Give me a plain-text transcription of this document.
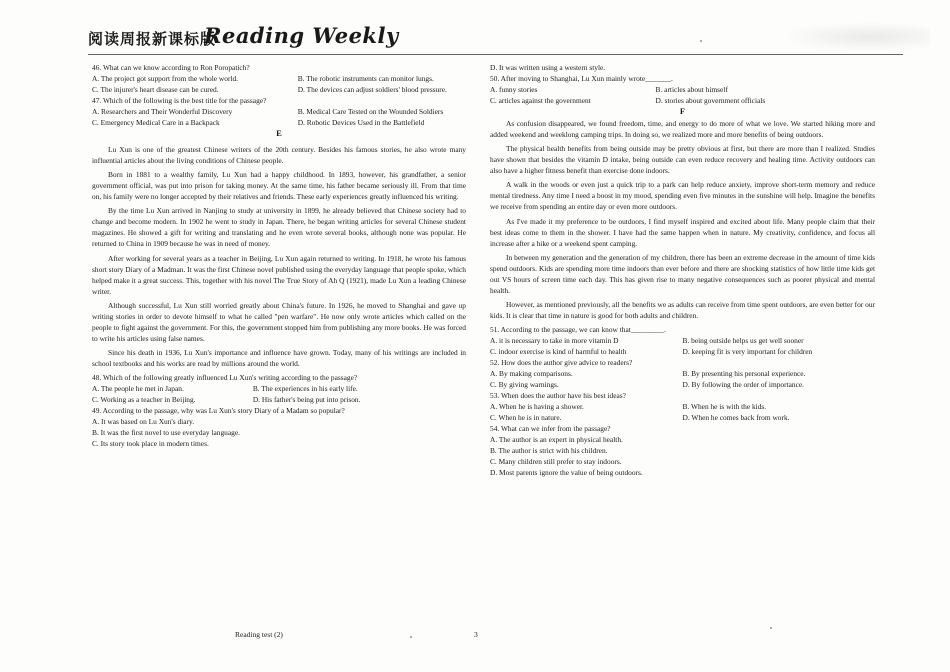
阅读周报新课标版
Reading Weekly
46. What can we know according to Ron Poropatich?
A. The project got support from the whole world.	B. The robotic instruments can monitor lungs.
C. The injurer's heart disease can be cured.	D. The devices can adjust soldiers' blood pressure.
47. Which of the following is the best title for the passage?
A. Researchers and Their Wonderful Discovery	B. Medical Care Tested on the Wounded Soldiers
C. Emergency Medical Care in a Backpack	D. Robotic Devices Used in the Battlefield
E

Lu Xun is one of the greatest Chinese writers of the 20th century. Besides his famous stories, he also wrote many influential articles about the living conditions of Chinese people.

Born in 1881 to a wealthy family, Lu Xun had a happy childhood. In 1893, however, his grandfather, a senior government official, was put into prison for taking money. At the same time, his father became seriously ill. From that time on, his family were no longer accepted by their relatives and friends. These early experiences greatly influenced his writing.

By the time Lu Xun arrived in Nanjing to study at university in 1899, he already believed that Chinese society had to change and become modern. In 1902 he went to study in Japan. There, he began writing articles for several Chinese student magazines. He showed a gift for writing and translating and he even wrote several books, although none was popular. He returned to China in 1909 because he was in need of money.

After working for several years as a teacher in Beijing, Lu Xun again returned to writing. In 1918, he wrote his famous short story Diary of a Madman. It was the first Chinese novel published using the everyday language that people spoke, which helped make it a great success. This, together with his novel The True Story of Ah Q (1921), made Lu Xun a leading Chinese writer.

Although successful, Lu Xun still worried greatly about China's future. In 1926, he moved to Shanghai and gave up writing stories in order to devote himself to what he called "pen warfare". He now only wrote articles which called on the people to fight against the government. For this, the government stopped him from publishing any more books. He was forced to write his articles using false names.

Since his death in 1936, Lu Xun's importance and influence have grown. Today, many of his writings are included in school textbooks and his works are read by millions around the world.

48. Which of the following greatly influenced Lu Xun's writing according to the passage?
A. The people he met in Japan.	B. The experiences in his early life.
C. Working as a teacher in Beijing.	D. His father's being put into prison.
49. According to the passage, why was Lu Xun's story Diary of a Madam so popular?
A. It was based on Lu Xun's diary.
B. It was the first novel to use everyday language.
C. Its story took place in modern times.
D. It was written using a western style.
50. After moving to Shanghai, Lu Xun mainly wrote_______.
A. funny stories	B. articles about himself
C. articles against the government	D. stories about government officials
F

As confusion disappeared, we found freedom, time, and energy to do more of what we love. We started hiking more and added weekend and weeklong camping trips. In doing so, we realized more and more benefits of being outdoors.

The physical health benefits from being outside may be pretty obvious at first, but there are more than I realized. Studies have shown that besides the vitamin D intake, being outside can even reduce recovery and healing time. Activity outdoors can also have a higher fitness benefit than exercise done indoors.

A walk in the woods or even just a quick trip to a park can help reduce anxiety, improve short-term memory and reduce mental tiredness. Any time I need a boost in my mood, spending even five minutes in the sunshine will help. Imagine the benefits we receive from spending an entire day or even more outdoors.

As I've made it my preference to be outdoors, I find myself inspired and excited about life. Many people claim that their best ideas come to them in the shower. I have had the same happen when in nature. My creativity, confidence, and focus all increase after a hike or a weekend spent camping.

In between my generation and the generation of my children, there has been an extreme decrease in the amount of time kids spend outdoors. Kids are spending more time indoors than ever before and there are shocking statistics of how little time kids get out VS hours of screen time each day. This has given rise to many negative consequences such as poorer physical and mental health.

However, as mentioned previously, all the benefits we as adults can receive from time spent outdoors, are even better for our kids. It is clear that time in nature is good for both adults and children.

51. According to the passage, we can know that_________.
A. it is necessary to take in more vitamin D	B. being outside helps us get well sooner
C. indoor exercise is kind of harmful to health	D. keeping fit is very important for children
52. How does the author give advice to readers?
A. By making comparisons.	B. By presenting his personal experience.
C. By giving warnings.	D. By following the order of importance.
53. When does the author have his best ideas?
A. When he is having a shower.	B. When he is with the kids.
C. When he is in nature.	D. When he comes back from work.
54. What can we infer from the passage?
A. The author is an expert in physical health.
B. The author is strict with his children.
C. Many children still prefer to stay indoors.
D. Most parents ignore the value of being outdoors.
Reading test (2)	3
